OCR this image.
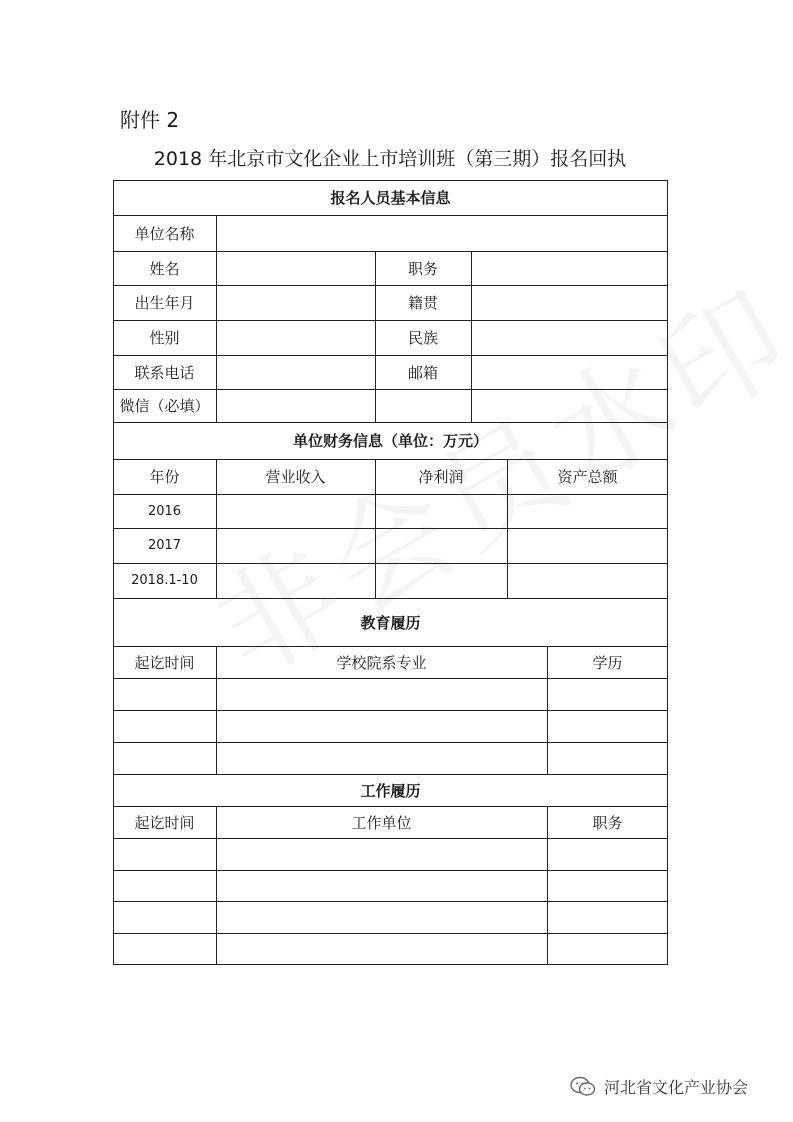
附件 2
2018 年北京市文化企业上市培训班（第三期）报名回执
报名人员基本信息
单位名称
姓名	职务
出生年月	籍贯
性别	民族
联系电话	邮箱
微信（必填）
单位财务信息（单位：万元）
年份	营业收入	净利润	资产总额
2016
2017
2018.1-10
教育履历
起讫时间	学校院系专业	学历
工作履历
起讫时间	工作单位	职务
河北省文化产业协会
